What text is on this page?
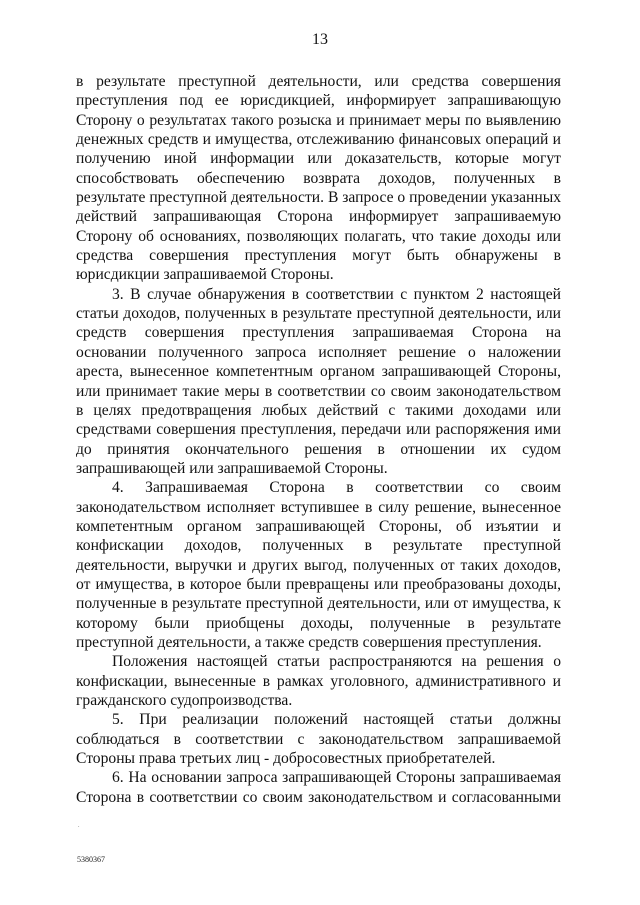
13

в результате преступной деятельности, или средства совершения преступления под ее юрисдикцией, информирует запрашивающую Сторону о результатах такого розыска и принимает меры по выявлению денежных средств и имущества, отслеживанию финансовых операций и получению иной информации или доказательств, которые могут способствовать обеспечению возврата доходов, полученных в результате преступной деятельности. В запросе о проведении указанных действий запрашивающая Сторона информирует запрашиваемую Сторону об основаниях, позволяющих полагать, что такие доходы или средства совершения преступления могут быть обнаружены в юрисдикции запрашиваемой Стороны.

3. В случае обнаружения в соответствии с пунктом 2 настоящей статьи доходов, полученных в результате преступной деятельности, или средств совершения преступления запрашиваемая Сторона на основании полученного запроса исполняет решение о наложении ареста, вынесенное компетентным органом запрашивающей Стороны, или принимает такие меры в соответствии со своим законодательством в целях предотвращения любых действий с такими доходами или средствами совершения преступления, передачи или распоряжения ими до принятия окончательного решения в отношении их судом запрашивающей или запрашиваемой Стороны.

4. Запрашиваемая Сторона в соответствии со своим законодательством исполняет вступившее в силу решение, вынесенное компетентным органом запрашивающей Стороны, об изъятии и конфискации доходов, полученных в результате преступной деятельности, выручки и других выгод, полученных от таких доходов, от имущества, в которое были превращены или преобразованы доходы, полученные в результате преступной деятельности, или от имущества, к которому были приобщены доходы, полученные в результате преступной деятельности, а также средств совершения преступления.

Положения настоящей статьи распространяются на решения о конфискации, вынесенные в рамках уголовного, административного и гражданского судопроизводства.

5. При реализации положений настоящей статьи должны соблюдаться в соответствии с законодательством запрашиваемой Стороны права третьих лиц - добросовестных приобретателей.

6. На основании запроса запрашивающей Стороны запрашиваемая Сторона в соответствии со своим законодательством и согласованными

.
5380367
